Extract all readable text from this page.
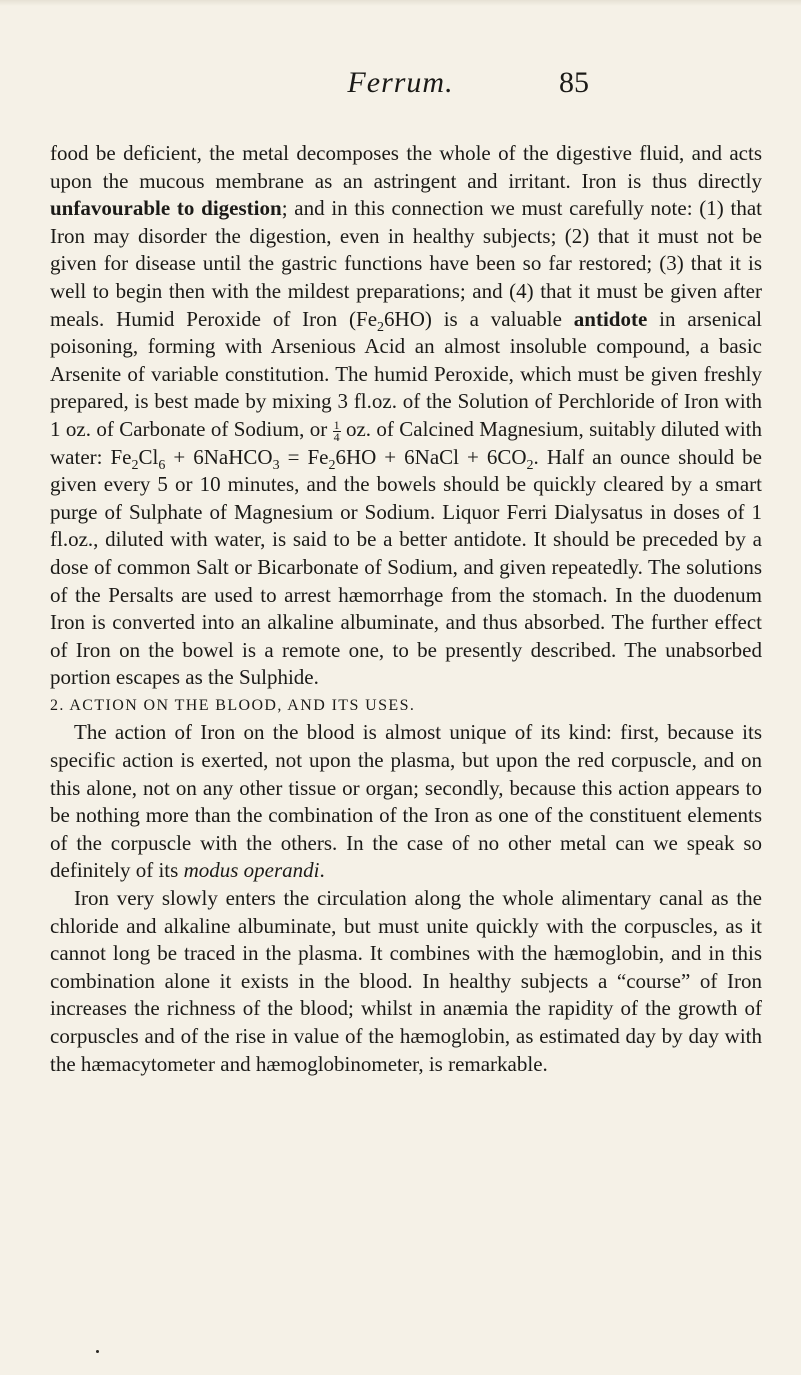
Ferrum.	85

food be deficient, the metal decomposes the whole of the digestive fluid, and acts upon the mucous membrane as an astringent and irritant. Iron is thus directly unfavourable to digestion; and in this connection we must carefully note: (1) that Iron may disorder the digestion, even in healthy subjects; (2) that it must not be given for disease until the gastric functions have been so far restored; (3) that it is well to begin then with the mildest preparations; and (4) that it must be given after meals. Humid Peroxide of Iron $(Fe_26HO)$ is a valuable antidote in arsenical poisoning, forming with Arsenious Acid an almost insoluble compound, a basic Arsenite of variable constitution. The humid Peroxide, which must be given freshly prepared, is best made by mixing 3 fl.oz. of the Solution of Perchloride of Iron with 1 oz. of Carbonate of Sodium, or $\frac{1}{4}$ oz. of Calcined Magnesium, suitably diluted with water: $Fe_2Cl_6$ + 6NaHCO$_3$ = $Fe_26HO$ + 6NaCl + $6CO_2$. Half an ounce should be given every 5 or 10 minutes, and the bowels should be quickly cleared by a smart purge of Sulphate of Magnesium or Sodium. Liquor Ferri Dialysatus in doses of 1 fl.oz., diluted with water, is said to be a better antidote. It should be preceded by a dose of common Salt or Bicarbonate of Sodium, and given repeatedly. The solutions of the Persalts are used to arrest hæmorrhage from the stomach. In the duodenum Iron is converted into an alkaline albuminate, and thus absorbed. The further effect of Iron on the bowel is a remote one, to be presently described. The unabsorbed portion escapes as the Sulphide.

2. ACTION ON THE BLOOD, AND ITS USES.

The action of Iron on the blood is almost unique of its kind: first, because its specific action is exerted, not upon the plasma, but upon the red corpuscle, and on this alone, not on any other tissue or organ; secondly, because this action appears to be nothing more than the combination of the Iron as one of the constituent elements of the corpuscle with the others. In the case of no other metal can we speak so definitely of its modus operandi.

Iron very slowly enters the circulation along the whole alimentary canal as the chloride and alkaline albuminate, but must unite quickly with the corpuscles, as it cannot long be traced in the plasma. It combines with the hæmoglobin, and in this combination alone it exists in the blood. In healthy subjects a “course” of Iron increases the richness of the blood; whilst in anæmia the rapidity of the growth of corpuscles and of the rise in value of the hæmoglobin, as estimated day by day with the hæmacytometer and hæmoglobinometer, is remarkable.
